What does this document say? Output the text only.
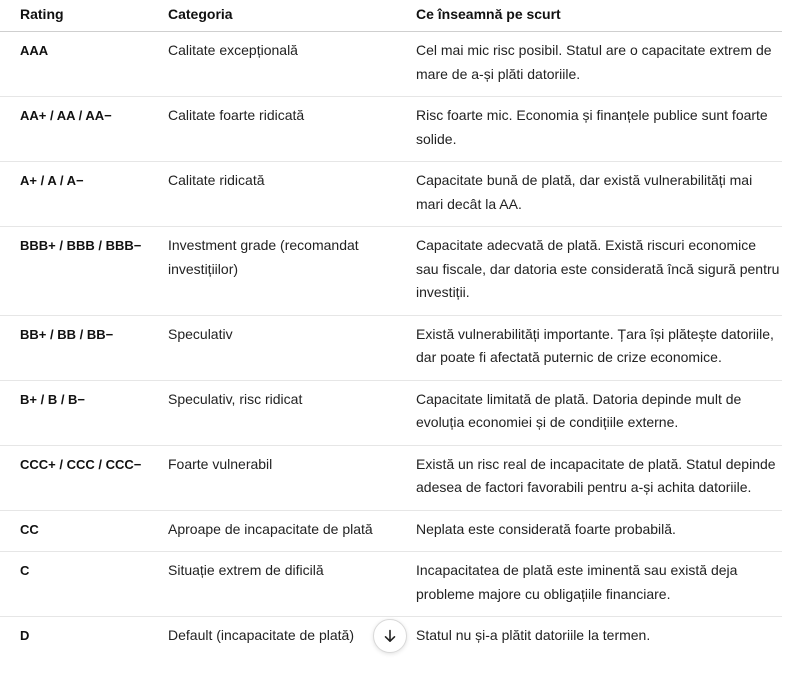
Rating	Categoria	Ce înseamnă pe scurt
AAA	Calitate excepțională	Cel mai mic risc posibil. Statul are o capacitate extrem de mare de a-și plăti datoriile.
AA+ / AA / AA−	Calitate foarte ridicată	Risc foarte mic. Economia și finanțele publice sunt foarte solide.
A+ / A / A−	Calitate ridicată	Capacitate bună de plată, dar există vulnerabilități mai mari decât la AA.
BBB+ / BBB / BBB−	Investment grade (recomandat investițiilor)	Capacitate adecvată de plată. Există riscuri economice sau fiscale, dar datoria este considerată încă sigură pentru investiții.
BB+ / BB / BB−	Speculativ	Există vulnerabilități importante. Țara își plătește datoriile, dar poate fi afectată puternic de crize economice.
B+ / B / B−	Speculativ, risc ridicat	Capacitate limitată de plată. Datoria depinde mult de evoluția economiei și de condițiile externe.
CCC+ / CCC / CCC−	Foarte vulnerabil	Există un risc real de incapacitate de plată. Statul depinde adesea de factori favorabili pentru a-și achita datoriile.
CC	Aproape de incapacitate de plată	Neplata este considerată foarte probabilă.
C	Situație extrem de dificilă	Incapacitatea de plată este iminentă sau există deja probleme majore cu obligațiile financiare.
D	Default (incapacitate de plată)	Statul nu și-a plătit datoriile la termen.
